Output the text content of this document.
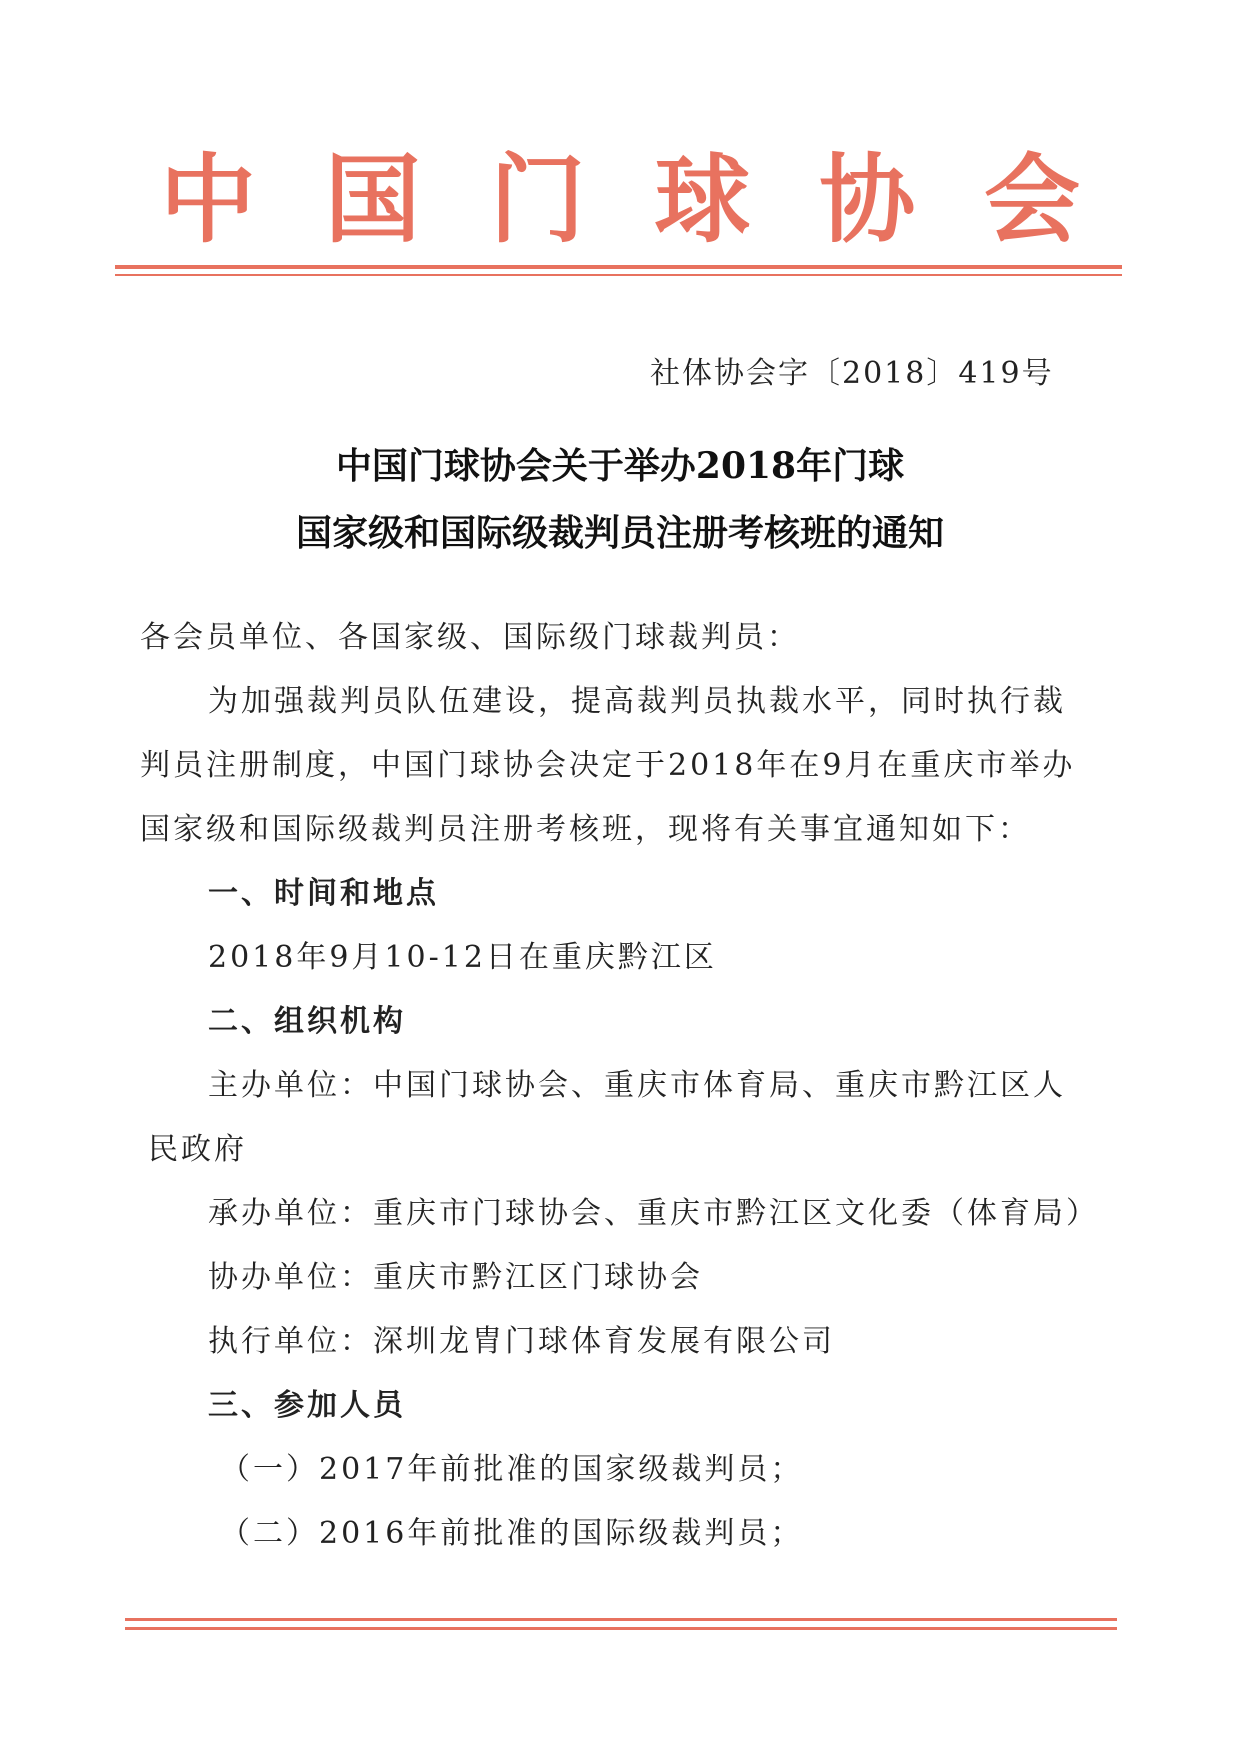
中 国 门 球 协 会
社体协会字〔2018〕419号
中国门球协会关于举办2018年门球
国家级和国际级裁判员注册考核班的通知
各会员单位、各国家级、国际级门球裁判员：
为加强裁判员队伍建设，提高裁判员执裁水平，同时执行裁
判员注册制度，中国门球协会决定于2018年在9月在重庆市举办
国家级和国际级裁判员注册考核班，现将有关事宜通知如下：
一、时间和地点
2018年9月10-12日在重庆黔江区
二、组织机构
主办单位：中国门球协会、重庆市体育局、重庆市黔江区人
民政府
承办单位：重庆市门球协会、重庆市黔江区文化委（体育局）
协办单位：重庆市黔江区门球协会
执行单位：深圳龙胄门球体育发展有限公司
三、参加人员
（一）2017年前批准的国家级裁判员；
（二）2016年前批准的国际级裁判员；
